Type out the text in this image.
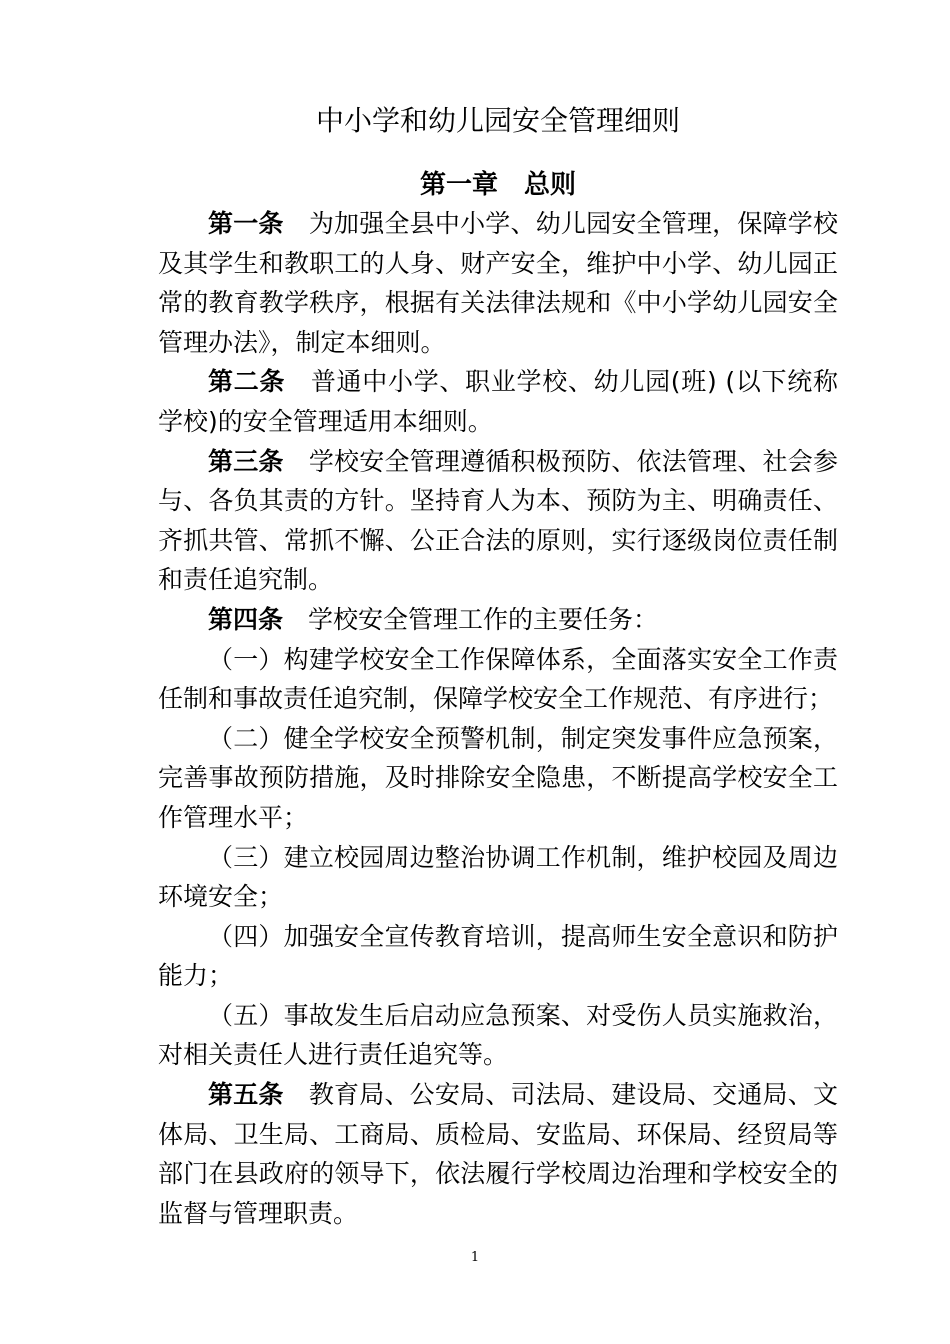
中小学和幼儿园安全管理细则
第一章 总则

第一条 为加强全县中小学、幼儿园安全管理，保障学校及其学生和教职工的人身、财产安全，维护中小学、幼儿园正常的教育教学秩序，根据有关法律法规和《中小学幼儿园安全管理办法》，制定本细则。

第二条 普通中小学、职业学校、幼儿园(班) (以下统称学校)的安全管理适用本细则。

第三条 学校安全管理遵循积极预防、依法管理、社会参与、各负其责的方针。坚持育人为本、预防为主、明确责任、齐抓共管、常抓不懈、公正合法的原则，实行逐级岗位责任制和责任追究制。

第四条 学校安全管理工作的主要任务：

（一）构建学校安全工作保障体系，全面落实安全工作责任制和事故责任追究制，保障学校安全工作规范、有序进行；

（二）健全学校安全预警机制，制定突发事件应急预案，完善事故预防措施，及时排除安全隐患，不断提高学校安全工作管理水平；

（三）建立校园周边整治协调工作机制，维护校园及周边环境安全；

（四）加强安全宣传教育培训，提高师生安全意识和防护能力；

（五）事故发生后启动应急预案、对受伤人员实施救治，对相关责任人进行责任追究等。

第五条 教育局、公安局、司法局、建设局、交通局、文体局、卫生局、工商局、质检局、安监局、环保局、经贸局等部门在县政府的领导下，依法履行学校周边治理和学校安全的监督与管理职责。

1
